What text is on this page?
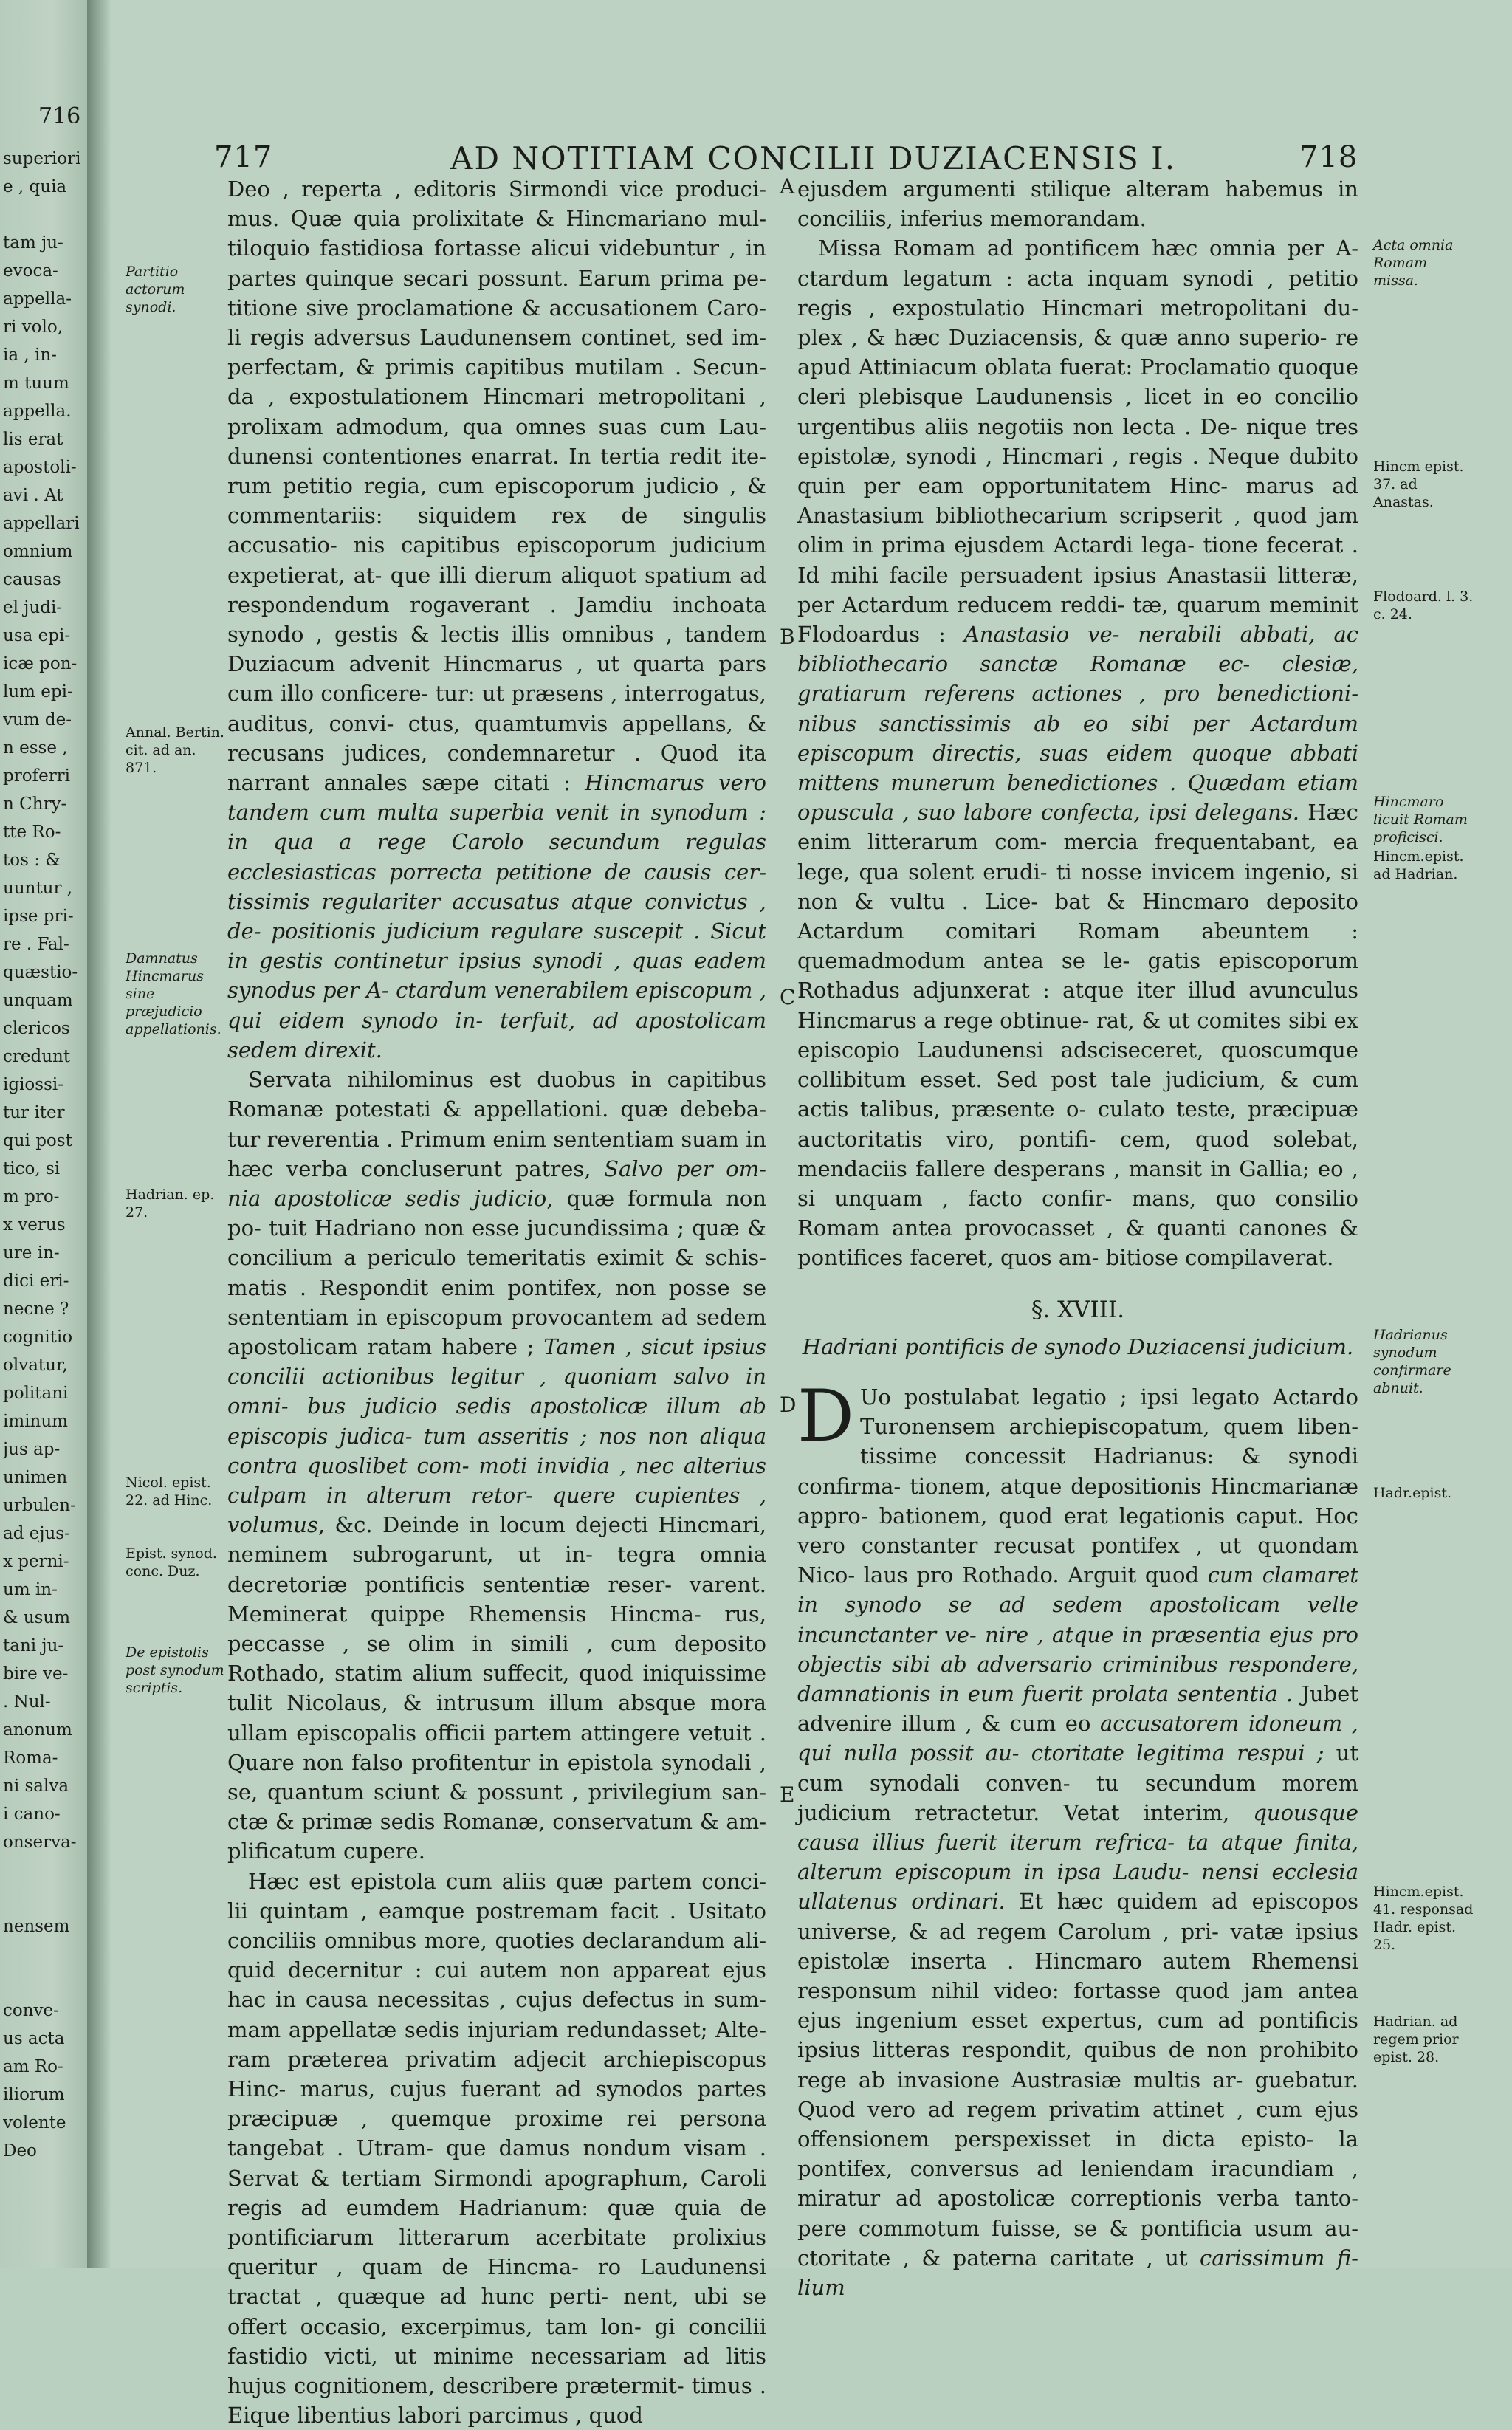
716
superiori
e , quia
tam ju-
evoca-
appella-
ri volo,
ia , in-
m tuum
appella.
lis erat
apostoli-
avi . At
appellari
omnium
causas
el judi-
usa epi-
icæ pon-
lum epi-
vum de-
n esse ,
proferri
n Chry-
tte Ro-
tos : &
uuntur ,
ipse pri-
re . Fal-
quæstio-
unquam
clericos
credunt
igiossi-
tur iter
qui post
tico, si
m pro-
x verus
ure in-
dici eri-
necne ?
cognitio
olvatur,
politani
iminum
jus ap-
unimen
urbulen-
ad ejus-
x perni-
um in-
& usum
tani ju-
bire ve-
. Nul-
anonum
Roma-
ni salva
i cano-
onserva-
nensem
conve-
us acta
am Ro-
iliorum
volente
Deo
717	AD NOTITIAM CONCILII DUZIACENSIS I.	718
A
B
C
D
E
Partitio actorum synodi.
Annal. Bertin. cit. ad an. 871.
Damnatus Hincmarus sine præjudicio appellationis.
Hadrian. ep. 27.
Nicol. epist. 22. ad Hinc.
Epist. synod. conc. Duz.
De epistolis post synodum scriptis.
Acta omnia Romam missa.
Hincm epist. 37. ad Anastas.
Flodoard. l. 3. c. 24.
Hincmaro licuit Romam proficisci.
Hincm.epist. ad Hadrian.
Hadrianus synodum confirmare abnuit.
Hadr.epist.
Hincm.epist. 41. responsad Hadr. epist. 25.
Hadrian. ad regem prior epist. 28.

Deo , reperta , editoris Sirmondi vice produci- mus. Quæ quia prolixitate & Hincmariano mul- tiloquio fastidiosa fortasse alicui videbuntur , in partes quinque secari possunt. Earum prima pe- titione sive proclamatione & accusationem Caro- li regis adversus Laudunensem continet, sed im- perfectam, & primis capitibus mutilam . Secun- da , expostulationem Hincmari metropolitani , prolixam admodum, qua omnes suas cum Lau- dunensi contentiones enarrat. In tertia redit ite- rum petitio regia, cum episcoporum judicio , & commentariis: siquidem rex de singulis accusatio- nis capitibus episcoporum judicium expetierat, at- que illi dierum aliquot spatium ad respondendum rogaverant . Jamdiu inchoata synodo , gestis & lectis illis omnibus , tandem Duziacum advenit Hincmarus , ut quarta pars cum illo conficere- tur: ut præsens , interrogatus, auditus, convi- ctus, quamtumvis appellans, & recusans judices, condemnaretur . Quod ita narrant annales sæpe citati : Hincmarus vero tandem cum multa superbia venit in synodum : in qua a rege Carolo secundum regulas ecclesiasticas porrecta petitione de causis cer- tissimis regulariter accusatus atque convictus , de- positionis judicium regulare suscepit . Sicut in gestis continetur ipsius synodi , quas eadem synodus per A- ctardum venerabilem episcopum , qui eidem synodo in- terfuit, ad apostolicam sedem direxit.

Servata nihilominus est duobus in capitibus Romanæ potestati & appellationi. quæ debeba- tur reverentia . Primum enim sententiam suam in hæc verba concluserunt patres, Salvo per om- nia apostolicæ sedis judicio, quæ formula non po- tuit Hadriano non esse jucundissima ; quæ & concilium a periculo temeritatis eximit & schis- matis . Respondit enim pontifex, non posse se sententiam in episcopum provocantem ad sedem apostolicam ratam habere ; Tamen , sicut ipsius concilii actionibus legitur , quoniam salvo in omni- bus judicio sedis apostolicæ illum ab episcopis judica- tum asseritis ; nos non aliqua contra quoslibet com- moti invidia , nec alterius culpam in alterum retor- quere cupientes , volumus, &c. Deinde in locum dejecti Hincmari, neminem subrogarunt, ut in- tegra omnia decretoriæ pontificis sententiæ reser- varent. Meminerat quippe Rhemensis Hincma- rus, peccasse , se olim in simili , cum deposito Rothado, statim alium suffecit, quod iniquissime tulit Nicolaus, & intrusum illum absque mora ullam episcopalis officii partem attingere vetuit . Quare non falso profitentur in epistola synodali , se, quantum sciunt & possunt , privilegium san- ctæ & primæ sedis Romanæ, conservatum & am- plificatum cupere.

Hæc est epistola cum aliis quæ partem conci- lii quintam , eamque postremam facit . Usitato conciliis omnibus more, quoties declarandum ali- quid decernitur : cui autem non appareat ejus hac in causa necessitas , cujus defectus in sum- mam appellatæ sedis injuriam redundasset; Alte- ram præterea privatim adjecit archiepiscopus Hinc- marus, cujus fuerant ad synodos partes præcipuæ , quemque proxime rei persona tangebat . Utram- que damus nondum visam . Servat & tertiam Sirmondi apographum, Caroli regis ad eumdem Hadrianum: quæ quia de pontificiarum litterarum acerbitate prolixius queritur , quam de Hincma- ro Laudunensi tractat , quæque ad hunc perti- nent, ubi se offert occasio, excerpimus, tam lon- gi concilii fastidio victi, ut minime necessariam ad litis hujus cognitionem, describere prætermit- timus . Eique libentius labori parcimus , quod

ejusdem argumenti stilique alteram habemus in conciliis, inferius memorandam.

Missa Romam ad pontificem hæc omnia per A- ctardum legatum : acta inquam synodi , petitio regis , expostulatio Hincmari metropolitani du- plex , & hæc Duziacensis, & quæ anno superio- re apud Attiniacum oblata fuerat: Proclamatio quoque cleri plebisque Laudunensis , licet in eo concilio urgentibus aliis negotiis non lecta . De- nique tres epistolæ, synodi , Hincmari , regis . Neque dubito quin per eam opportunitatem Hinc- marus ad Anastasium bibliothecarium scripserit , quod jam olim in prima ejusdem Actardi lega- tione fecerat . Id mihi facile persuadent ipsius Anastasii litteræ, per Actardum reducem reddi- tæ, quarum meminit Flodoardus : Anastasio ve- nerabili abbati, ac bibliothecario sanctæ Romanæ ec- clesiæ, gratiarum referens actiones , pro benedictioni- nibus sanctissimis ab eo sibi per Actardum episcopum directis, suas eidem quoque abbati mittens munerum benedictiones . Quædam etiam opuscula , suo labore confecta, ipsi delegans. Hæc enim litterarum com- mercia frequentabant, ea lege, qua solent erudi- ti nosse invicem ingenio, si non & vultu . Lice- bat & Hincmaro deposito Actardum comitari Romam abeuntem : quemadmodum antea se le- gatis episcoporum Rothadus adjunxerat : atque iter illud avunculus Hincmarus a rege obtinue- rat, & ut comites sibi ex episcopio Laudunensi adsciseceret, quoscumque collibitum esset. Sed post tale judicium, & cum actis talibus, præsente o- culato teste, præcipuæ auctoritatis viro, pontifi- cem, quod solebat, mendaciis fallere desperans , mansit in Gallia; eo , si unquam , facto confir- mans, quo consilio Romam antea provocasset , & quanti canones & pontifices faceret, quos am- bitiose compilaverat.

§. XVIII.
Hadriani pontificis de synodo Duziacensi judicium.

D Uo postulabat legatio ; ipsi legato Actardo Turonensem archiepiscopatum, quem liben- tissime concessit Hadrianus: & synodi confirma- tionem, atque depositionis Hincmarianæ appro- bationem, quod erat legationis caput. Hoc vero constanter recusat pontifex , ut quondam Nico- laus pro Rothado. Arguit quod cum clamaret in synodo se ad sedem apostolicam velle incunctanter ve- nire , atque in præsentia ejus pro objectis sibi ab adversario criminibus respondere, damnationis in eum fuerit prolata sententia . Jubet advenire illum , & cum eo accusatorem idoneum , qui nulla possit au- ctoritate legitima respui ; ut cum synodali conven- tu secundum morem judicium retractetur. Vetat interim, quousque causa illius fuerit iterum refrica- ta atque finita, alterum episcopum in ipsa Laudu- nensi ecclesia ullatenus ordinari. Et hæc quidem ad episcopos universe, & ad regem Carolum , pri- vatæ ipsius epistolæ inserta . Hincmaro autem Rhemensi responsum nihil video: fortasse quod jam antea ejus ingenium esset expertus, cum ad pontificis ipsius litteras respondit, quibus de non prohibito rege ab invasione Austrasiæ multis ar- guebatur. Quod vero ad regem privatim attinet , cum ejus offensionem perspexisset in dicta episto- la pontifex, conversus ad leniendam iracundiam , miratur ad apostolicæ correptionis verba tanto- pere commotum fuisse, se & pontificia usum au- ctoritate , & paterna caritate , ut carissimum fi- lium
